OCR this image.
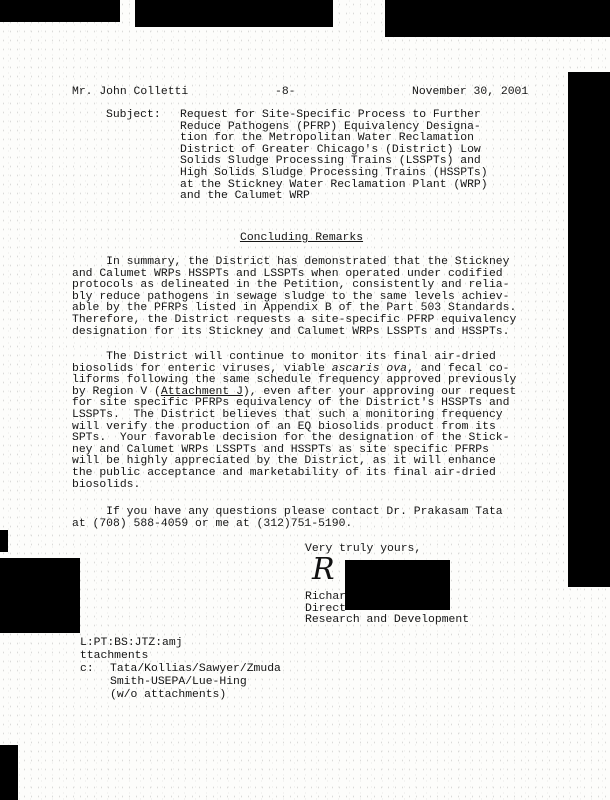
Mr. John Colletti	-8-	November 30, 2001
Subject: Request for Site-Specific Process to Further
Reduce Pathogens (PFRP) Equivalency Designa-
tion for the Metropolitan Water Reclamation
District of Greater Chicago's (District) Low
Solids Sludge Processing Trains (LSSPTs) and
High Solids Sludge Processing Trains (HSSPTs)
at the Stickney Water Reclamation Plant (WRP)
and the Calumet WRP
Concluding Remarks
In summary, the District has demonstrated that the Stickney
and Calumet WRPs HSSPTs and LSSPTs when operated under codified
protocols as delineated in the Petition, consistently and relia-
bly reduce pathogens in sewage sludge to the same levels achiev-
able by the PFRPs listed in Appendix B of the Part 503 Standards.
Therefore, the District requests a site-specific PFRP equivalency
designation for its Stickney and Calumet WRPs LSSPTs and HSSPTs.
The District will continue to monitor its final air-dried
biosolids for enteric viruses, viable ascaris ova, and fecal co-
liforms following the same schedule frequency approved previously
by Region V (Attachment J), even after your approving our request
for site specific PFRPs equivalency of the District's HSSPTs and
LSSPTs.  The District believes that such a monitoring frequency
will verify the production of an EQ biosolids product from its
SPTs.  Your favorable decision for the designation of the Stick-
ney and Calumet WRPs LSSPTs and HSSPTs as site specific PFRPs
will be highly appreciated by the District, as it will enhance
the public acceptance and marketability of its final air-dried
biosolids.
If you have any questions please contact Dr. Prakasam Tata
at (708) 588-4059 or me at (312)751-5190.
Very truly yours,
R
Richar
Direct
Research and Development
L:PT:BS:JTZ:amj
ttachments
c: Tata/Kollias/Sawyer/Zmuda
Smith-USEPA/Lue-Hing
(w/o attachments)
